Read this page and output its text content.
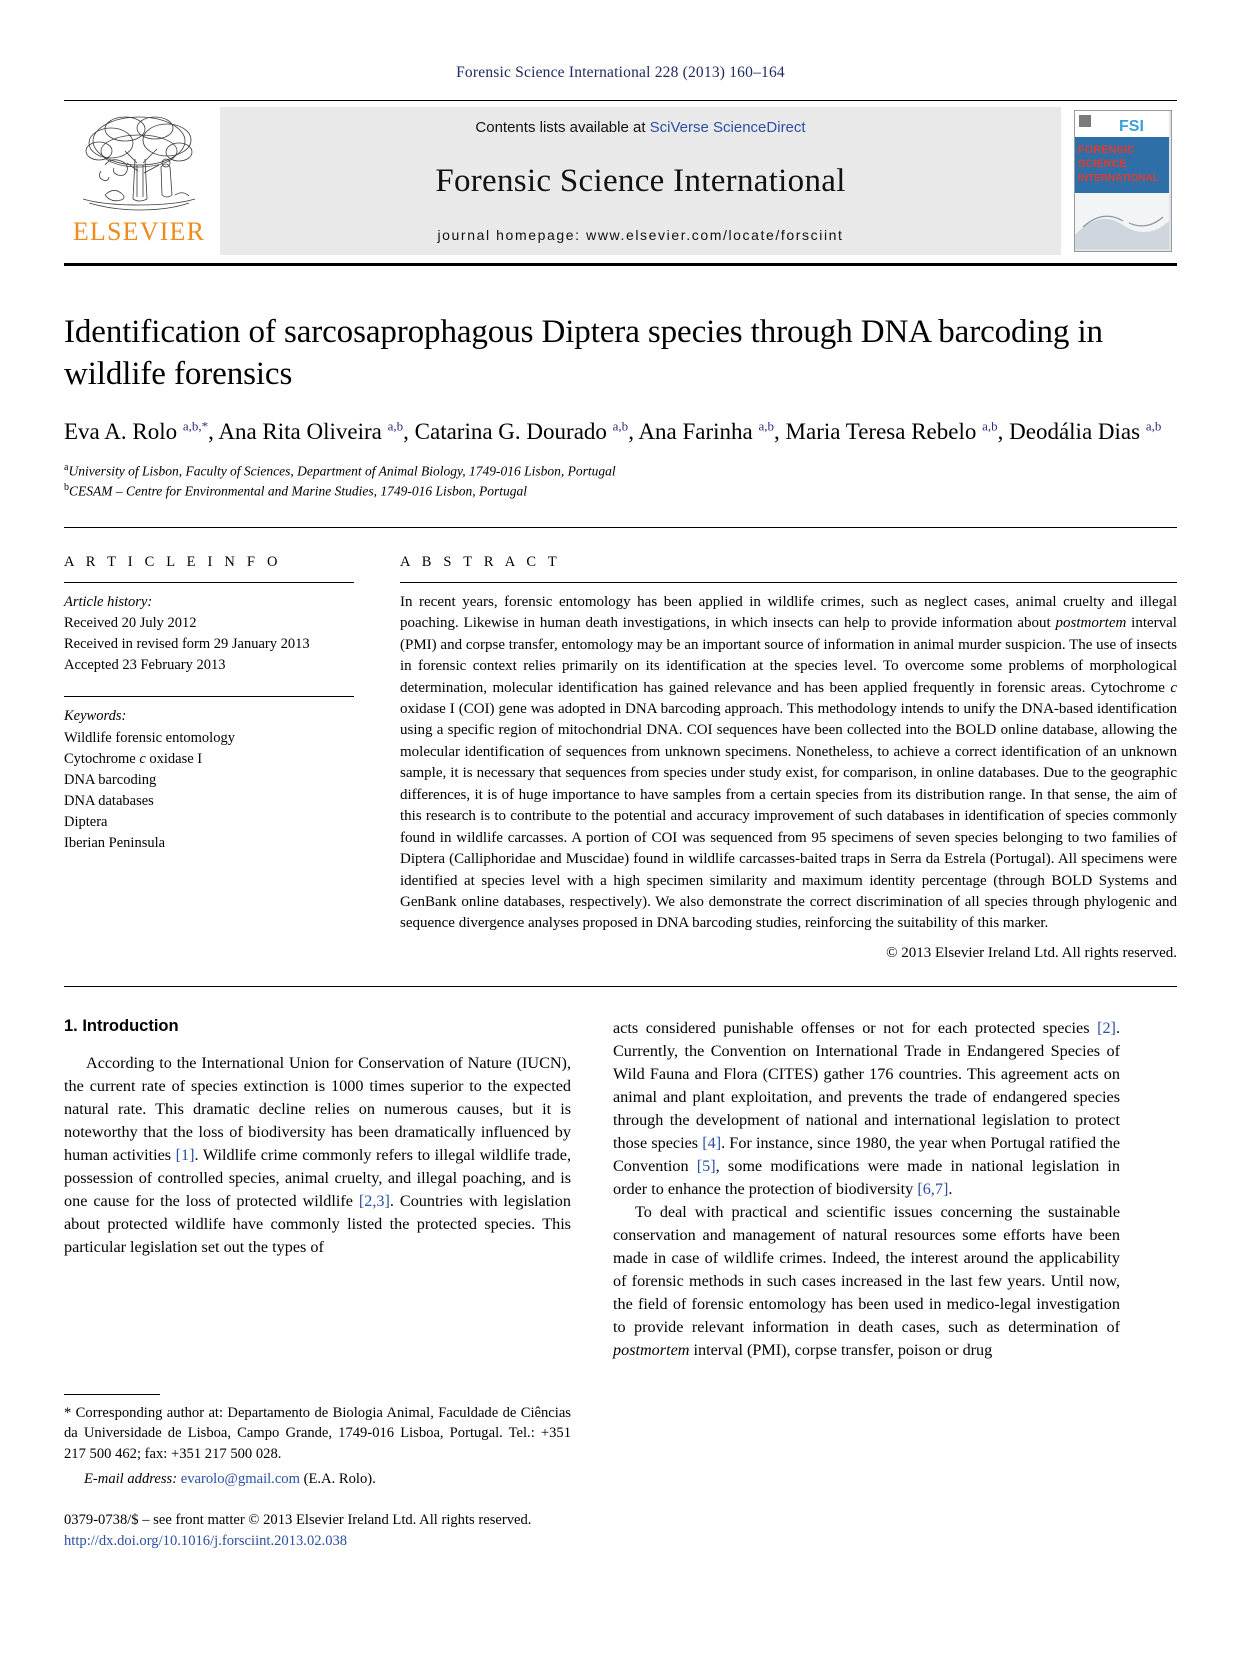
Forensic Science International 228 (2013) 160–164
ELSEVIER
Contents lists available at SciVerse ScienceDirect
Forensic Science International
journal homepage: www.elsevier.com/locate/forsciint
FSI
FORENSIC
SCIENCE
INTERNATIONAL
Identification of sarcosaprophagous Diptera species through DNA barcoding in wildlife forensics
Eva A. Rolo $^{a,b,*}$, Ana Rita Oliveira $^{a,b}$, Catarina G. Dourado $^{a,b}$, Ana Farinha $^{a,b}$, Maria Teresa Rebelo $^{a,b}$, Deodália Dias $^{a,b}$
$^a$University of Lisbon, Faculty of Sciences, Department of Animal Biology, 1749-016 Lisbon, Portugal
$^b$CESAM – Centre for Environmental and Marine Studies, 1749-016 Lisbon, Portugal
A R T I C L E I N F O
Article history:
Received 20 July 2012
Received in revised form 29 January 2013
Accepted 23 February 2013
Keywords:
Wildlife forensic entomology
Cytochrome c oxidase I
DNA barcoding
DNA databases
Diptera
Iberian Peninsula
A B S T R A C T
In recent years, forensic entomology has been applied in wildlife crimes, such as neglect cases, animal cruelty and illegal poaching. Likewise in human death investigations, in which insects can help to provide information about postmortem interval (PMI) and corpse transfer, entomology may be an important source of information in animal murder suspicion. The use of insects in forensic context relies primarily on its identification at the species level. To overcome some problems of morphological determination, molecular identification has gained relevance and has been applied frequently in forensic areas. Cytochrome c oxidase I (COI) gene was adopted in DNA barcoding approach. This methodology intends to unify the DNA-based identification using a specific region of mitochondrial DNA. COI sequences have been collected into the BOLD online database, allowing the molecular identification of sequences from unknown specimens. Nonetheless, to achieve a correct identification of an unknown sample, it is necessary that sequences from species under study exist, for comparison, in online databases. Due to the geographic differences, it is of huge importance to have samples from a certain species from its distribution range. In that sense, the aim of this research is to contribute to the potential and accuracy improvement of such databases in identification of species commonly found in wildlife carcasses. A portion of COI was sequenced from 95 specimens of seven species belonging to two families of Diptera (Calliphoridae and Muscidae) found in wildlife carcasses-baited traps in Serra da Estrela (Portugal). All specimens were identified at species level with a high specimen similarity and maximum identity percentage (through BOLD Systems and GenBank online databases, respectively). We also demonstrate the correct discrimination of all species through phylogenic and sequence divergence analyses proposed in DNA barcoding studies, reinforcing the suitability of this marker.
© 2013 Elsevier Ireland Ltd. All rights reserved.
1. Introduction

According to the International Union for Conservation of Nature (IUCN), the current rate of species extinction is 1000 times superior to the expected natural rate. This dramatic decline relies on numerous causes, but it is noteworthy that the loss of biodiversity has been dramatically influenced by human activities [1]. Wildlife crime commonly refers to illegal wildlife trade, possession of controlled species, animal cruelty, and illegal poaching, and is one cause for the loss of protected wildlife [2,3]. Countries with legislation about protected wildlife have commonly listed the protected species. This particular legislation set out the types of

* Corresponding author at: Departamento de Biologia Animal, Faculdade de Ciências da Universidade de Lisboa, Campo Grande, 1749-016 Lisboa, Portugal. Tel.: +351 217 500 462; fax: +351 217 500 028.
E-mail address: evarolo@gmail.com (E.A. Rolo).
0379-0738/$ – see front matter © 2013 Elsevier Ireland Ltd. All rights reserved.
http://dx.doi.org/10.1016/j.forsciint.2013.02.038

acts considered punishable offenses or not for each protected species [2]. Currently, the Convention on International Trade in Endangered Species of Wild Fauna and Flora (CITES) gather 176 countries. This agreement acts on animal and plant exploitation, and prevents the trade of endangered species through the development of national and international legislation to protect those species [4]. For instance, since 1980, the year when Portugal ratified the Convention [5], some modifications were made in national legislation in order to enhance the protection of biodiversity [6,7].

To deal with practical and scientific issues concerning the sustainable conservation and management of natural resources some efforts have been made in case of wildlife crimes. Indeed, the interest around the applicability of forensic methods in such cases increased in the last few years. Until now, the field of forensic entomology has been used in medico-legal investigation to provide relevant information in death cases, such as determination of postmortem interval (PMI), corpse transfer, poison or drug
